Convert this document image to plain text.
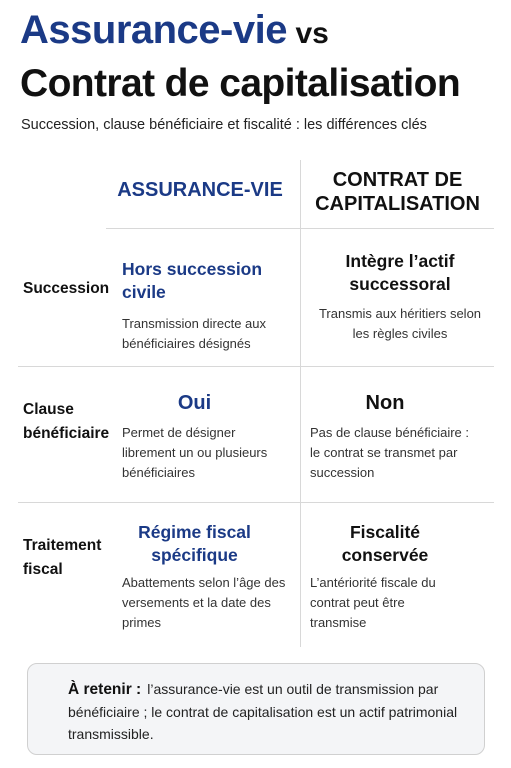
Assurance-vie vs
Contrat de capitalisation
Succession, clause bénéficiaire et fiscalité : les différences clés
ASSURANCE-VIE	CONTRAT DE CAPITALISATION
Succession
Hors succession civile
Transmission directe aux bénéficiaires désignés
Intègre l’actif successoral
Transmis aux héritiers selon les règles civiles
Clause bénéficiaire
Oui
Permet de désigner librement un ou plusieurs bénéficiaires
Non
Pas de clause bénéficiaire : le contrat se transmet par succession
Traitement fiscal
Régime fiscal spécifique
Abattements selon l’âge des versements et la date des primes
Fiscalité conservée
L’antériorité fiscale du contrat peut être transmise
À retenir : l’assurance-vie est un outil de transmission par bénéficiaire ; le contrat de capitalisation est un actif patrimonial transmissible.
